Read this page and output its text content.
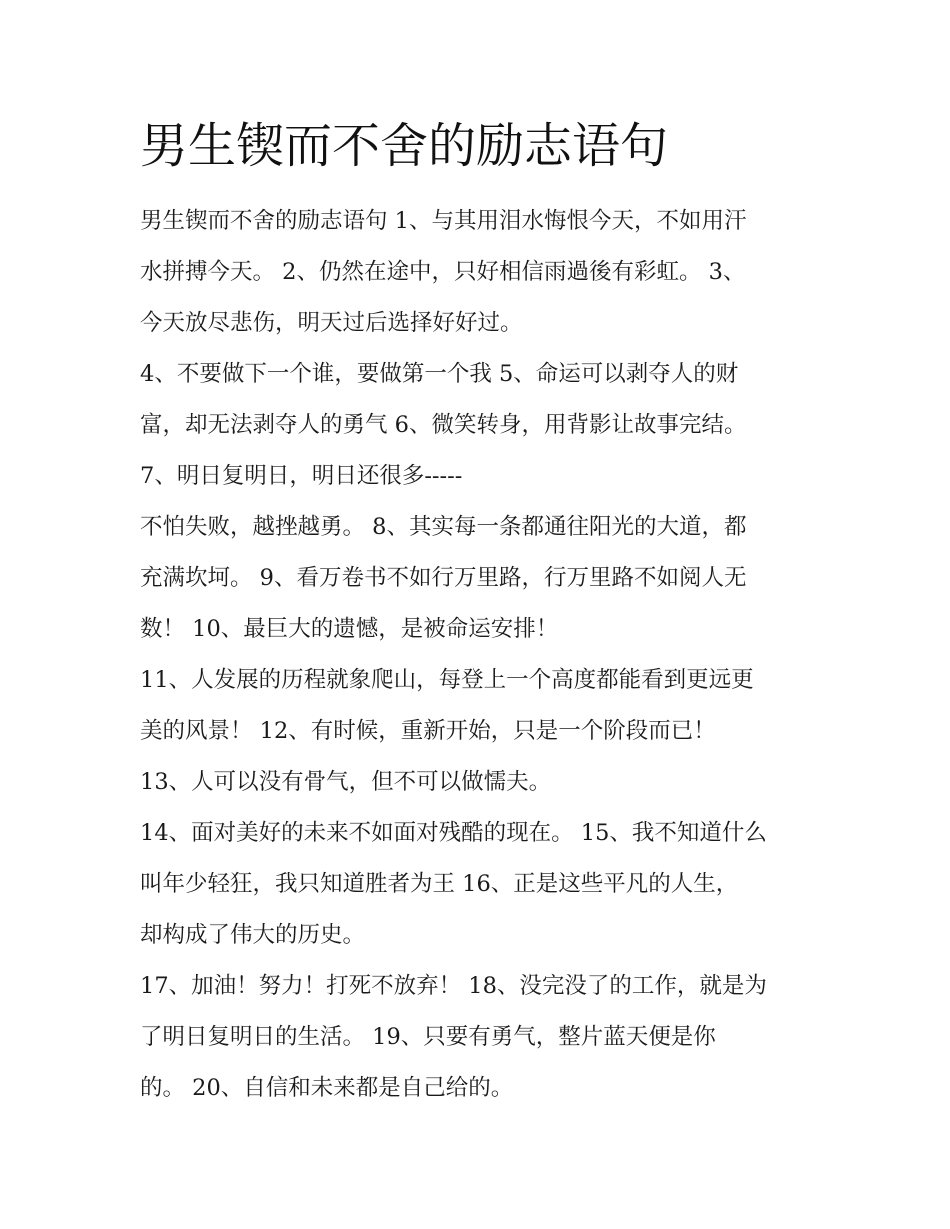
男生锲而不舍的励志语句
男生锲而不舍的励志语句 1、与其用泪水悔恨今天，不如用汗
水拼搏今天。 2、仍然在途中，只好相信雨過後有彩虹。 3、
今天放尽悲伤，明天过后选择好好过。
4、不要做下一个谁，要做第一个我 5、命运可以剥夺人的财
富，却无法剥夺人的勇气 6、微笑转身，用背影让故事完结。
7、明日复明日，明日还很多-----
不怕失败，越挫越勇。 8、其实每一条都通往阳光的大道，都
充满坎坷。 9、看万卷书不如行万里路，行万里路不如阅人无
数！ 10、最巨大的遗憾，是被命运安排！
11、人发展的历程就象爬山，每登上一个高度都能看到更远更
美的风景！ 12、有时候，重新开始，只是一个阶段而已！
13、人可以没有骨气，但不可以做懦夫。
14、面对美好的未来不如面对残酷的现在。 15、我不知道什么
叫年少轻狂，我只知道胜者为王 16、正是这些平凡的人生，
却构成了伟大的历史。
17、加油！努力！打死不放弃！ 18、没完没了的工作，就是为
了明日复明日的生活。 19、只要有勇气，整片蓝天便是你
的。 20、自信和未来都是自己给的。
